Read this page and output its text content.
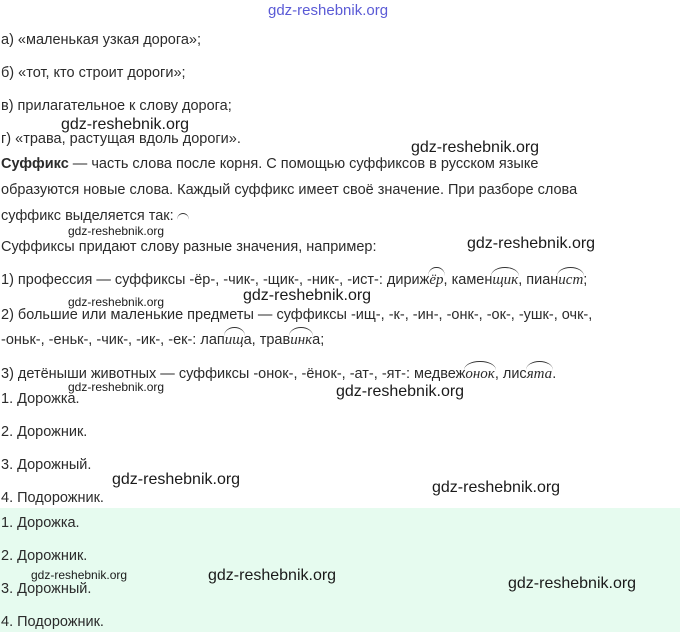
gdz-reshebnik.org
а) «маленькая узкая дорога»;
б) «тот, кто строит дороги»;
в) прилагательное к слову дорога;
г) «трава, растущая вдоль дороги».
Суффикс — часть слова после корня. С помощью суффиксов в русском языке
образуются новые слова. Каждый суффикс имеет своё значение. При разборе слова
суффикс выделяется так:
Суффиксы придают слову разные значения, например:
1) профессия — суффиксы -ёр-, -чик-, -щик-, -ник-, -ист-: дирижёр, каменщик, пианист;
2) большие или маленькие предметы — суффиксы -ищ-, -к-, -ин-, -онк-, -ок-, -ушк-, очк-,
-оньк-, -еньк-, -чик-, -ик-, -ек-: лапища, травинка;
3) детёныши животных — суффиксы -онок-, -ёнок-, -ат-, -ят-: медвежонок, лисята.
1. Дорожка.
2. Дорожник.
3. Дорожный.
4. Подорожник.
1. Дорожка.
2. Дорожник.
3. Дорожный.
4. Подорожник.
gdz-reshebnik.org
gdz-reshebnik.org
gdz-reshebnik.org
gdz-reshebnik.org
gdz-reshebnik.org	gdz-reshebnik.org
gdz-reshebnik.org	gdz-reshebnik.org
gdz-reshebnik.org	gdz-reshebnik.org
gdz-reshebnik.org	gdz-reshebnik.org	gdz-reshebnik.org
